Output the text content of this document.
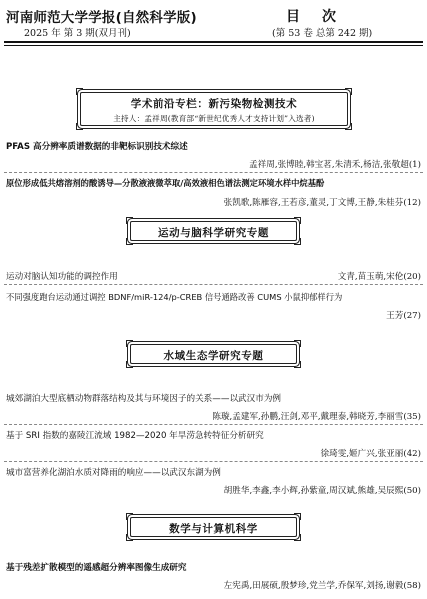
河南师范大学学报(自然科学版)
2025 年 第 3 期(双月刊)
目次
(第 53 卷 总第 242 期)
学术前沿专栏：新污染物检测技术
主持人：孟祥周(教育部“新世纪优秀人才支持计划”入选者)
PFAS 高分辨率质谱数据的非靶标识别技术综述
孟祥周,张博睦,韩宝茗,朱清禾,杨洁,张敬超(1)
原位形成低共熔溶剂的酸诱导—分散液液微萃取/高效液相色谱法测定环境水样中烷基酚
张凯歌,陈雁容,王若彦,董灵,丁文博,王静,朱桂芬(12)
运动与脑科学研究专题
运动对脑认知功能的调控作用	文青,苗玉萌,宋伦(20)
不同强度跑台运动通过调控 BDNF/miR-124/p-CREB 信号通路改善 CUMS 小鼠抑郁样行为
王芳(27)
水域生态学研究专题
城郊湖泊大型底栖动物群落结构及其与环境因子的关系——以武汉市为例
陈璇,孟建军,孙鹏,汪剑,邓平,戴理泰,韩晓芳,李丽雪(35)
基于 SRI 指数的嘉陵江流域 1982—2020 年旱涝急转特征分析研究
徐琦雯,姬广兴,张亚丽(42)
城市富营养化湖泊水质对降雨的响应——以武汉东湖为例
胡胜华,李鑫,李小辉,孙紫童,周汉斌,熊雄,吴辰熙(50)
数学与计算机科学
基于残差扩散模型的遥感超分辨率图像生成研究
左宪禹,田展硕,殷梦珍,党兰学,乔保军,刘扬,谢毅(58)
